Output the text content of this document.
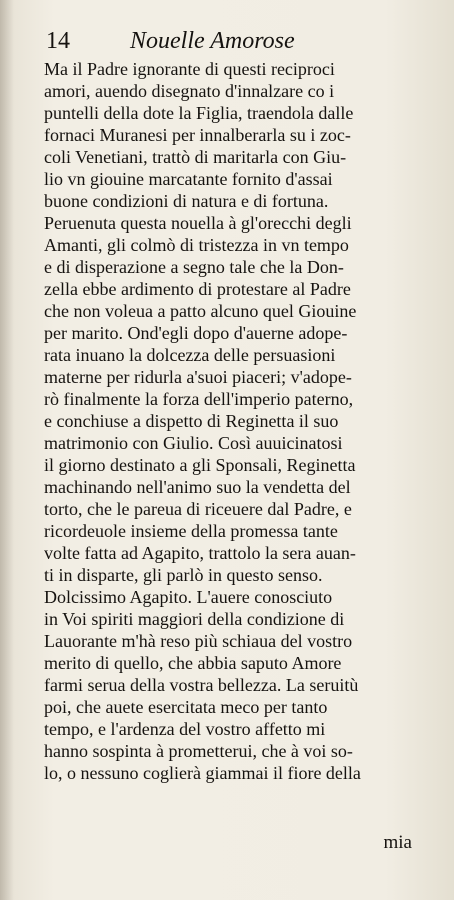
14	Nouelle Amorose
Ma il Padre ignorante di questi reciproci
amori, auendo disegnato d'innalzare co i
puntelli della dote la Figlia, traendola dalle
fornaci Muranesi per innalberarla su i zoc-
coli Venetiani, trattò di maritarla con Giu-
lio vn giouine marcatante fornito d'assai
buone condizioni di natura e di fortuna.
Peruenuta questa nouella à gl'orecchi degli
Amanti, gli colmò di tristezza in vn tempo
e di disperazione a segno tale che la Don-
zella ebbe ardimento di protestare al Padre
che non voleua a patto alcuno quel Giouine
per marito. Ond'egli dopo d'auerne adope-
rata inuano la dolcezza delle persuasioni
materne per ridurla a'suoi piaceri; v'adope-
rò finalmente la forza dell'imperio paterno,
e conchiuse a dispetto di Reginetta il suo
matrimonio con Giulio. Così auuicinatosi
il giorno destinato a gli Sponsali, Reginetta
machinando nell'animo suo la vendetta del
torto, che le pareua di riceuere dal Padre, e
ricordeuole insieme della promessa tante
volte fatta ad Agapito, trattolo la sera auan-
ti in disparte, gli parlò in questo senso.
Dolcissimo Agapito. L'auere conosciuto
in Voi spiriti maggiori della condizione di
Lauorante m'hà reso più schiaua del vostro
merito di quello, che abbia saputo Amore
farmi serua della vostra bellezza. La seruitù
poi, che auete esercitata meco per tanto
tempo, e l'ardenza del vostro affetto mi
hanno sospinta à prometterui, che à voi so-
lo, o nessuno coglierà giammai il fiore della
mia
